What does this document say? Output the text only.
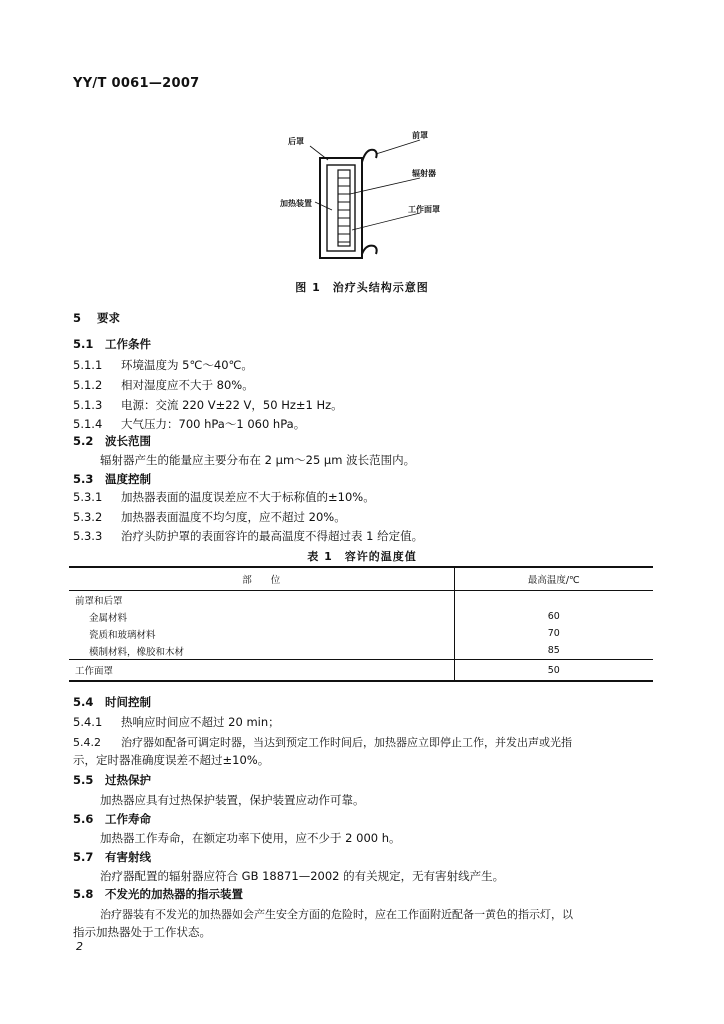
YY/T 0061—2007
后罩
前罩
辐射器
加热装置
工作面罩
图 1　治疗头结构示意图
5 要求
5.1 工作条件
5.1.1 环境温度为 5℃～40℃。
5.1.2 相对湿度应不大于 80%。
5.1.3 电源：交流 220 V±22 V，50 Hz±1 Hz。
5.1.4 大气压力：700 hPa～1 060 hPa。
5.2 波长范围
辐射器产生的能量应主要分布在 2 μm～25 μm 波长范围内。
5.3 温度控制
5.3.1 加热器表面的温度误差应不大于标称值的±10%。
5.3.2 加热器表面温度不均匀度，应不超过 20%。
5.3.3 治疗头防护罩的表面容许的最高温度不得超过表 1 给定值。
表 1　容许的温度值
部　　位	最高温度/℃
前罩和后罩	
金属材料	60
瓷质和玻璃材料	70
模制材料，橡胶和木材	85
工作面罩	50
5.4 时间控制
5.4.1 热响应时间应不超过 20 min；
5.4.2 治疗器如配备可调定时器，当达到预定工作时间后，加热器应立即停止工作，并发出声或光指
示，定时器准确度误差不超过±10%。
5.5 过热保护
加热器应具有过热保护装置，保护装置应动作可靠。
5.6 工作寿命
加热器工作寿命，在额定功率下使用，应不少于 2 000 h。
5.7 有害射线
治疗器配置的辐射器应符合 GB 18871—2002 的有关规定，无有害射线产生。
5.8 不发光的加热器的指示装置
治疗器装有不发光的加热器如会产生安全方面的危险时，应在工作面附近配备一黄色的指示灯，以
指示加热器处于工作状态。
2
